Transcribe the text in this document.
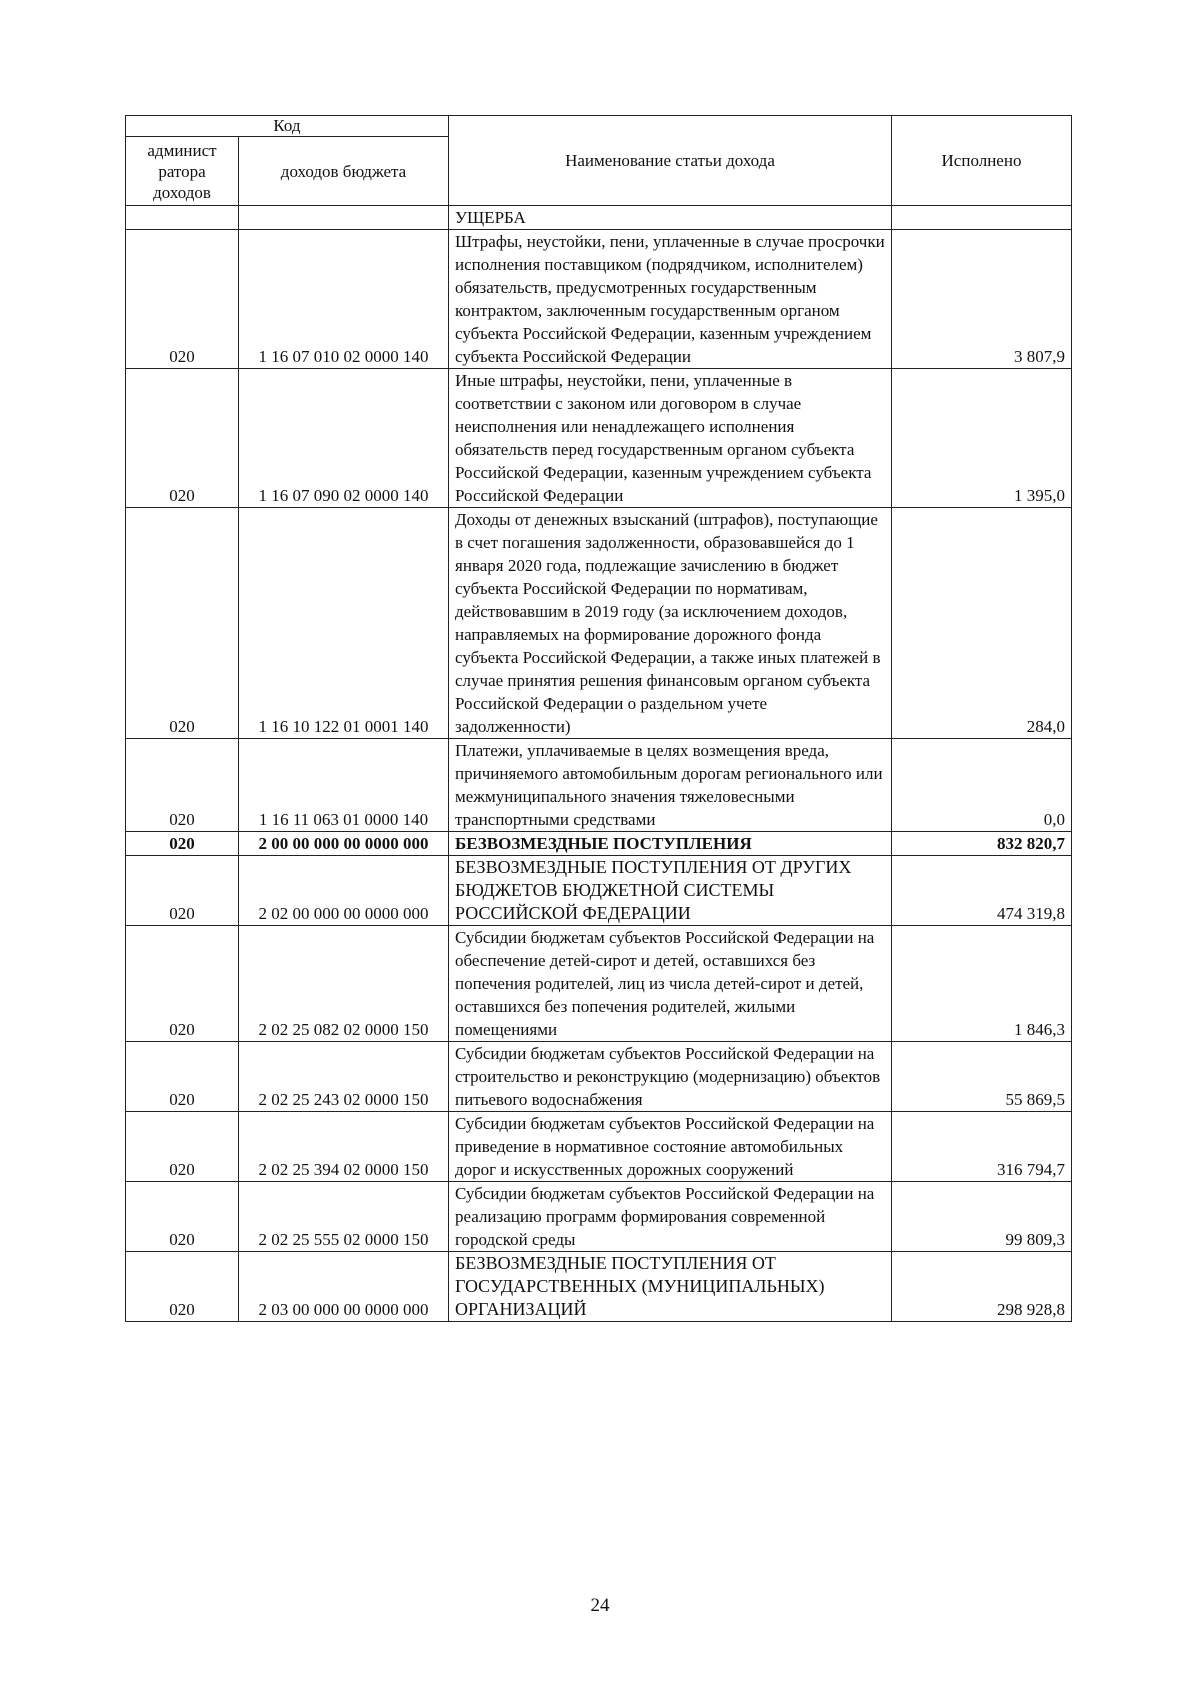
Код		Наименование статьи дохода	Исполнено
админист ратора доходов	доходов бюджета		
		УЩЕРБА	
020	1 16 07 010 02 0000 140	Штрафы, неустойки, пени, уплаченные в случае просрочки исполнения поставщиком (подрядчиком, исполнителем) обязательств, предусмотренных государственным контрактом, заключенным государственным органом субъекта Российской Федерации, казенным учреждением субъекта Российской Федерации	3 807,9
020	1 16 07 090 02 0000 140	Иные штрафы, неустойки, пени, уплаченные в соответствии с законом или договором в случае неисполнения или ненадлежащего исполнения обязательств перед государственным органом субъекта Российской Федерации, казенным учреждением субъекта Российской Федерации	1 395,0
020	1 16 10 122 01 0001 140	Доходы от денежных взысканий (штрафов), поступающие в счет погашения задолженности, образовавшейся до 1 января 2020 года, подлежащие зачислению в бюджет субъекта Российской Федерации по нормативам, действовавшим в 2019 году (за исключением доходов, направляемых на формирование дорожного фонда субъекта Российской Федерации, а также иных платежей в случае принятия решения финансовым органом субъекта Российской Федерации о раздельном учете задолженности)	284,0
020	1 16 11 063 01 0000 140	Платежи, уплачиваемые в целях возмещения вреда, причиняемого автомобильным дорогам регионального или межмуниципального значения тяжеловесными транспортными средствами	0,0
020	2 00 00 000 00 0000 000	БЕЗВОЗМЕЗДНЫЕ ПОСТУПЛЕНИЯ	832 820,7
020	2 02 00 000 00 0000 000	БЕЗВОЗМЕЗДНЫЕ ПОСТУПЛЕНИЯ ОТ ДРУГИХ БЮДЖЕТОВ БЮДЖЕТНОЙ СИСТЕМЫ РОССИЙСКОЙ ФЕДЕРАЦИИ	474 319,8
020	2 02 25 082 02 0000 150	Субсидии бюджетам субъектов Российской Федерации на обеспечение детей-сирот и детей, оставшихся без попечения родителей, лиц из числа детей-сирот и детей, оставшихся без попечения родителей, жилыми помещениями	1 846,3
020	2 02 25 243 02 0000 150	Субсидии бюджетам субъектов Российской Федерации на строительство и реконструкцию (модернизацию) объектов питьевого водоснабжения	55 869,5
020	2 02 25 394 02 0000 150	Субсидии бюджетам субъектов Российской Федерации на приведение в нормативное состояние автомобильных дорог и искусственных дорожных сооружений	316 794,7
020	2 02 25 555 02 0000 150	Субсидии бюджетам субъектов Российской Федерации на реализацию программ формирования современной городской среды	99 809,3
020	2 03 00 000 00 0000 000	БЕЗВОЗМЕЗДНЫЕ ПОСТУПЛЕНИЯ ОТ ГОСУДАРСТВЕННЫХ (МУНИЦИПАЛЬНЫХ) ОРГАНИЗАЦИЙ	298 928,8
24
